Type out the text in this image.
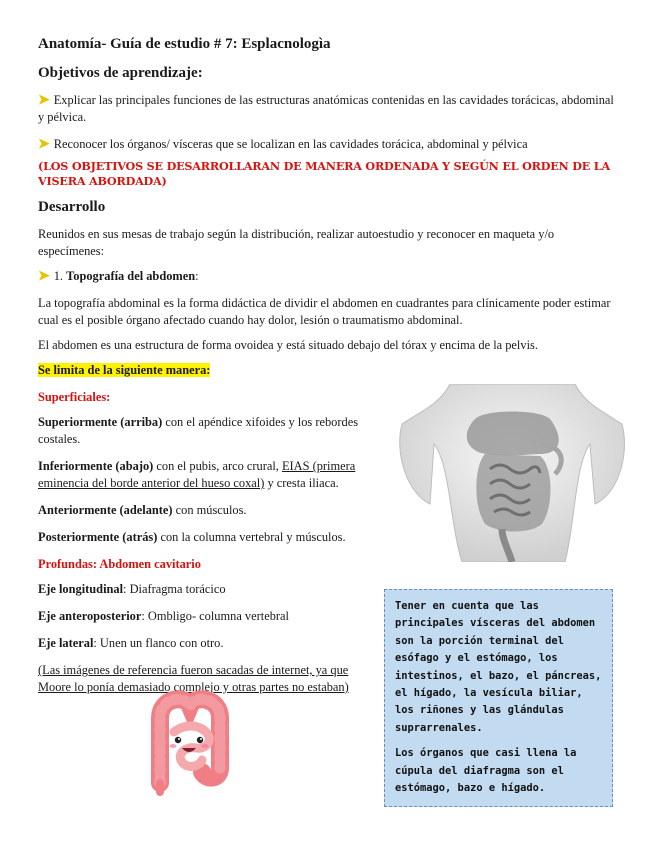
Anatomía- Guía de estudio # 7: Esplacnologìa
Objetivos de aprendizaje:

➤ Explicar las principales funciones de las estructuras anatómicas contenidas en las cavidades torácicas, abdominal y pélvica.

➤ Reconocer los órganos/ vísceras que se localizan en las cavidades torácica, abdominal y pélvica

(LOS OBJETIVOS SE DESARROLLARAN DE MANERA ORDENADA Y SEGÚN EL ORDEN DE LA VISERA ABORDADA)
Desarrollo

Reunidos en sus mesas de trabajo según la distribución, realizar autoestudio y reconocer en maqueta y/o especímenes:

➤ 1. Topografía del abdomen:

La topografía abdominal es la forma didáctica de dividir el abdomen en cuadrantes para clínicamente poder estimar cual es el posible órgano afectado cuando hay dolor, lesión o traumatismo abdominal.

El abdomen es una estructura de forma ovoidea y está situado debajo del tórax y encima de la pelvis.

Se limita de la siguiente manera:

Superficiales:

Superiormente (arriba) con el apéndice xifoides y los rebordes costales.

Inferiormente (abajo) con el pubis, arco crural, EIAS (primera eminencia del borde anterior del hueso coxal) y cresta iliaca.

Anteriormente (adelante) con músculos.

Posteriormente (atrás) con la columna vertebral y músculos.

Profundas: Abdomen cavitario

Eje longitudinal: Diafragma torácico

Eje anteroposterior: Ombligo- columna vertebral

Eje lateral: Unen un flanco con otro.

(Las imágenes de referencia fueron sacadas de internet, ya que Moore lo ponía demasiado complejo y otras partes no estaban)

Tener en cuenta que las principales vísceras del abdomen son la porción terminal del esófago y el estómago, los intestinos, el bazo, el páncreas, el hígado, la vesícula biliar, los riñones y las glándulas suprarrenales.

Los órganos que casi llena la cúpula del diafragma son el estómago, bazo e hígado.
